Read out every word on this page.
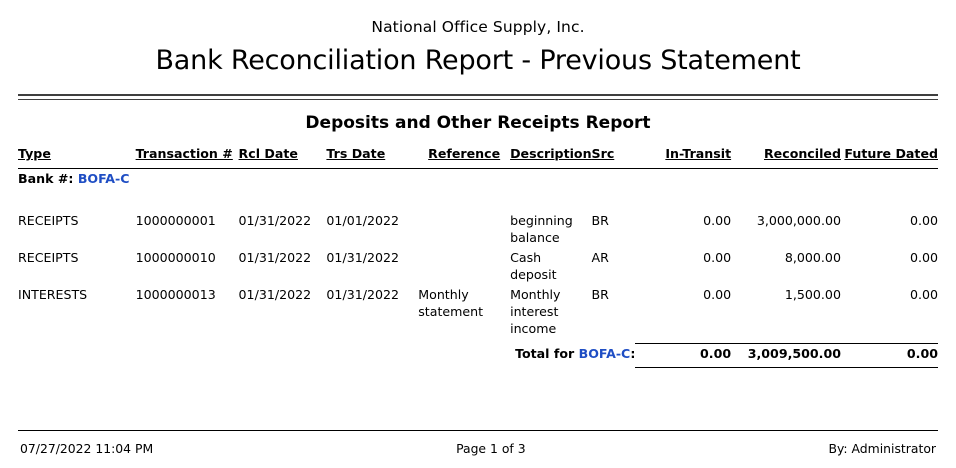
National Office Supply, Inc.
Bank Reconciliation Report - Previous Statement
Deposits and Other Receipts Report
Type	Transaction #	Rcl Date	Trs Date	Reference	Description	Src	In-Transit	Reconciled	Future Dated

Bank #: BOFA-C									

RECEIPTS	1000000001	01/31/2022	01/01/2022		beginning balance	BR	0.00	3,000,000.00	0.00
RECEIPTS	1000000010	01/31/2022	01/31/2022		Cash deposit	AR	0.00	8,000.00	0.00
INTERESTS	1000000013	01/31/2022	01/31/2022	Monthly statement	Monthly interest income	BR	0.00	1,500.00	0.00

Total for BOFA-C:							0.00	3,009,500.00	0.00

07/27/2022 11:04 PM	Page 1 of 3	By: Administrator
